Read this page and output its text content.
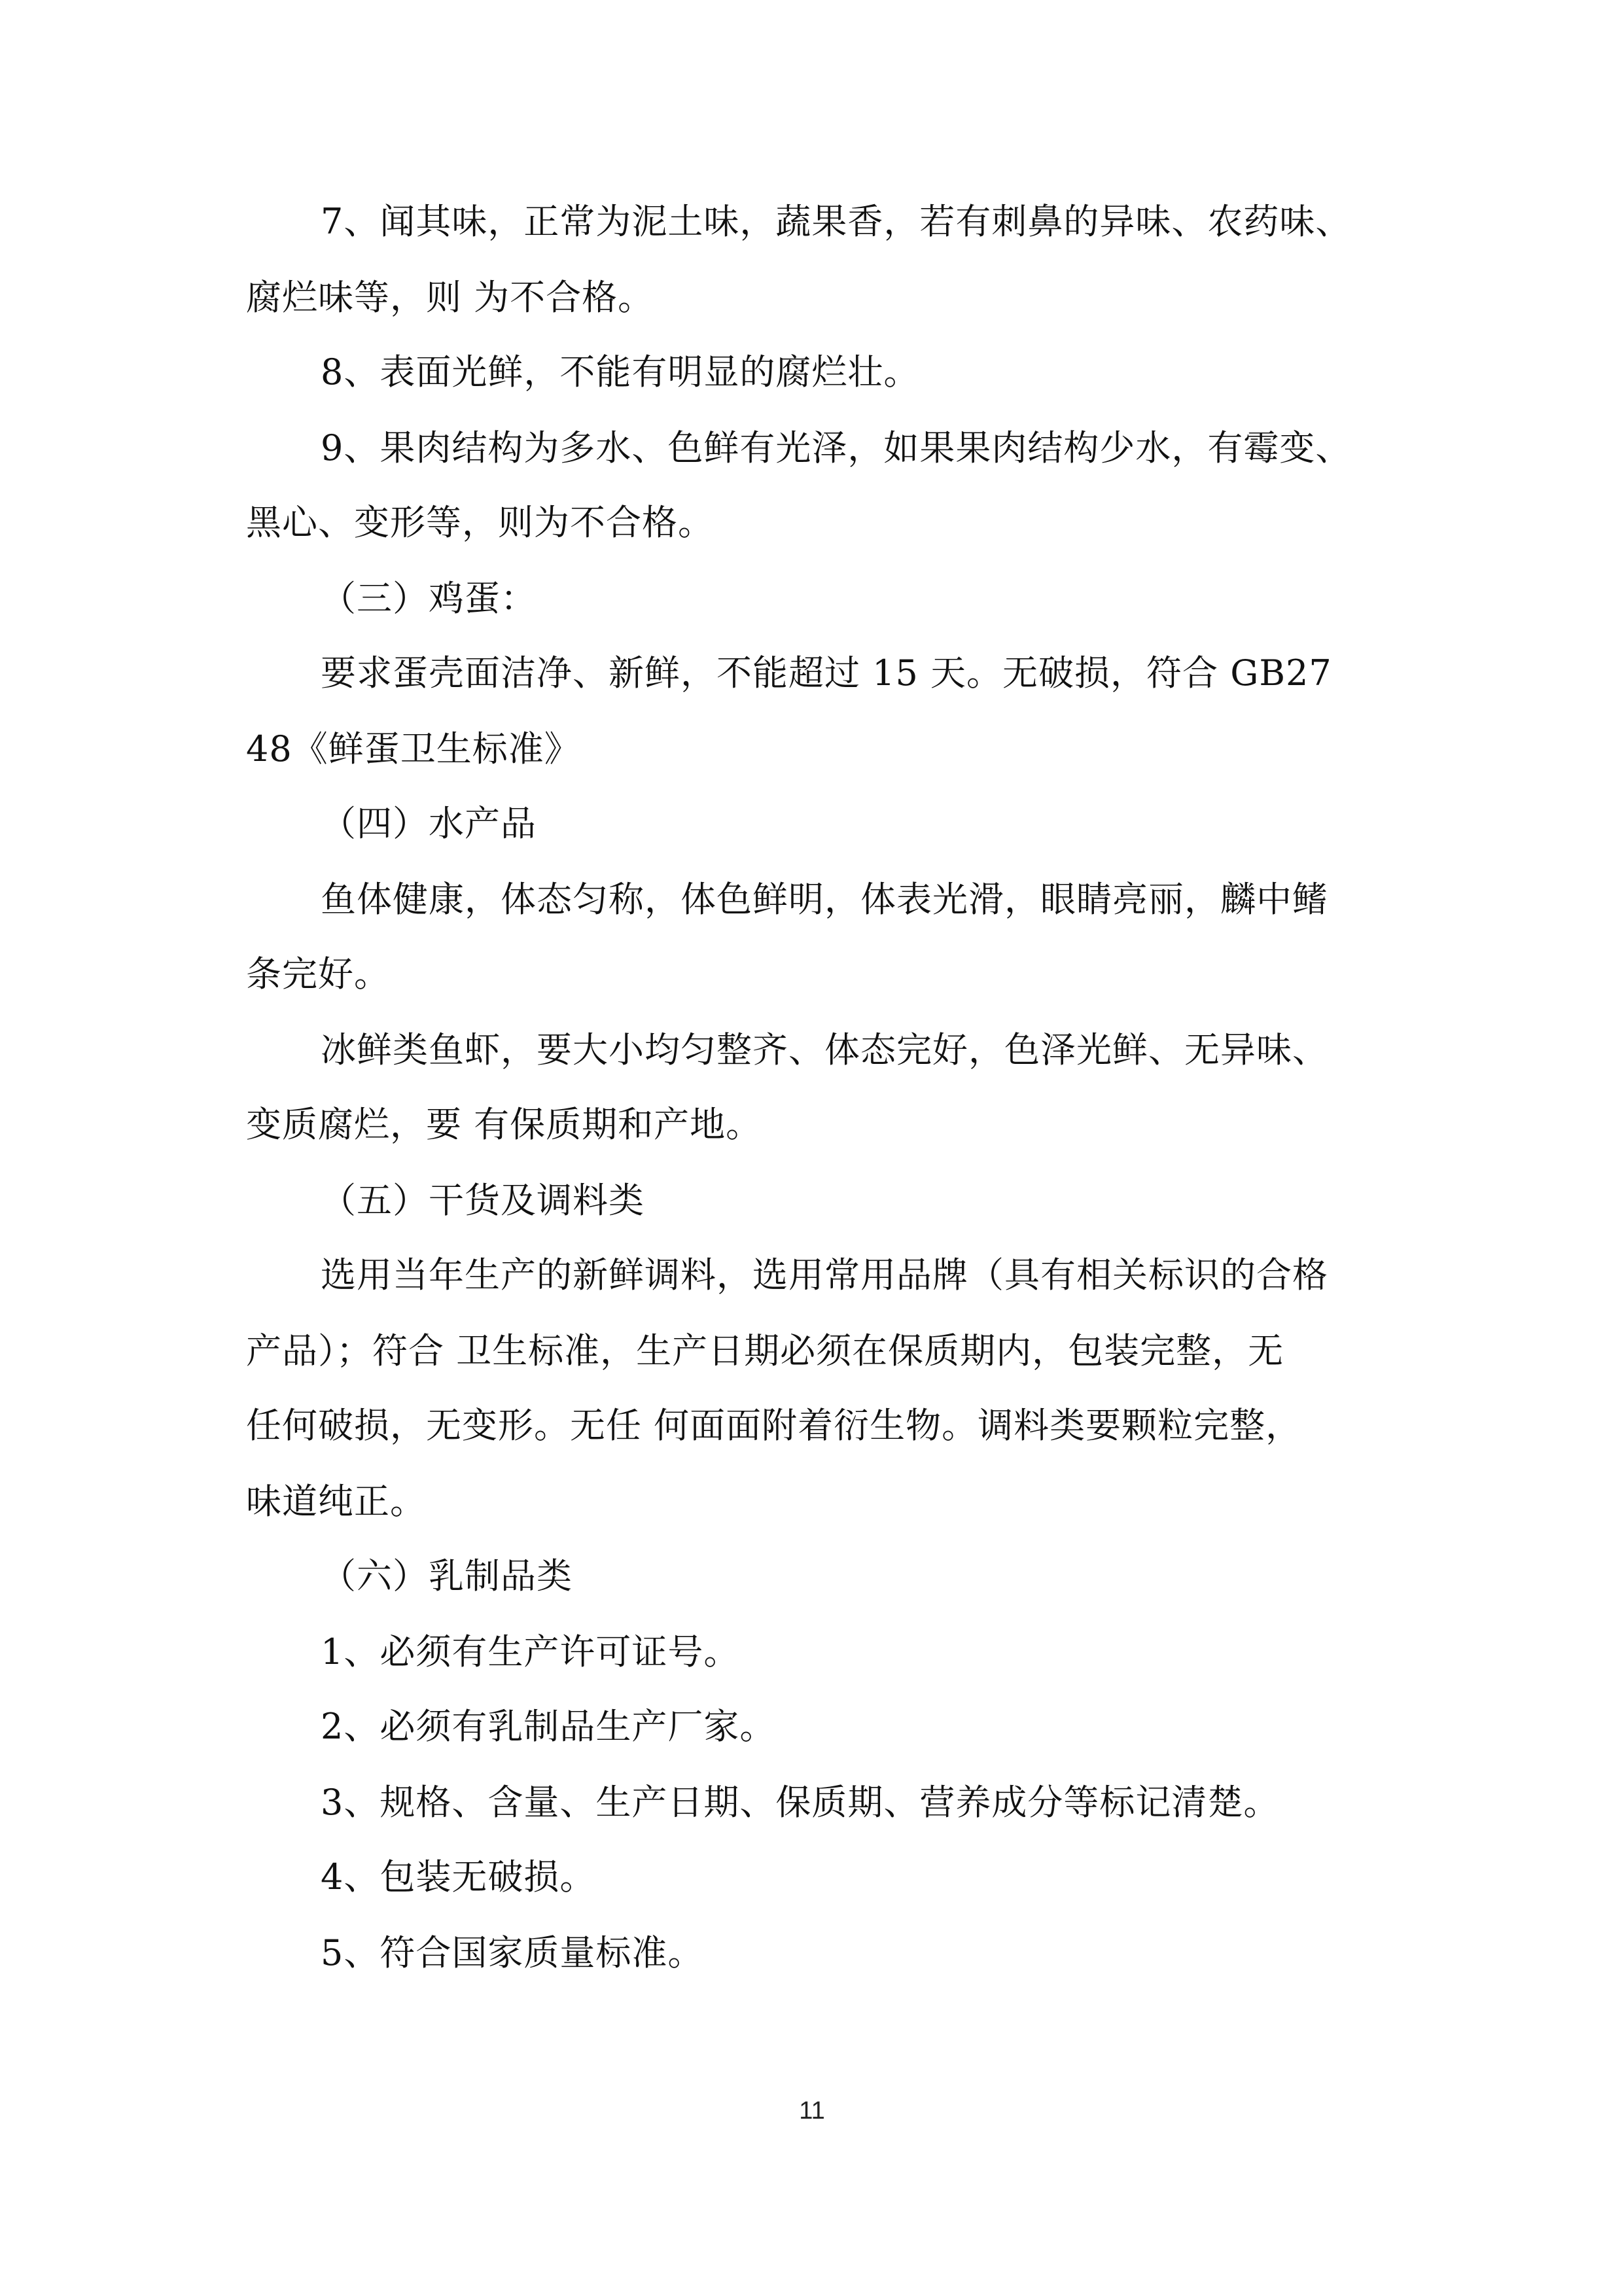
7、闻其味，正常为泥土味，蔬果香，若有刺鼻的异味、农药味、
腐烂味等，则 为不合格。
8、表面光鲜，不能有明显的腐烂壮。
9、果肉结构为多水、色鲜有光泽，如果果肉结构少水，有霉变、
黑心、变形等，则为不合格。
（三）鸡蛋：
要求蛋壳面洁净、新鲜，不能超过 15 天。无破损，符合 GB27
48《鲜蛋卫生标准》
（四）水产品
鱼体健康，体态匀称，体色鲜明，体表光滑，眼睛亮丽，麟中鳍
条完好。
冰鲜类鱼虾，要大小均匀整齐、体态完好，色泽光鲜、无异味、
变质腐烂，要 有保质期和产地。
（五）干货及调料类
选用当年生产的新鲜调料，选用常用品牌（具有相关标识的合格
产品）；符合 卫生标准，生产日期必须在保质期内，包装完整，无
任何破损，无变形。无任 何面面附着衍生物。调料类要颗粒完整，
味道纯正。
（六）乳制品类
1、必须有生产许可证号。
2、必须有乳制品生产厂家。
3、规格、含量、生产日期、保质期、营养成分等标记清楚。
4、包装无破损。
5、符合国家质量标准。
11
